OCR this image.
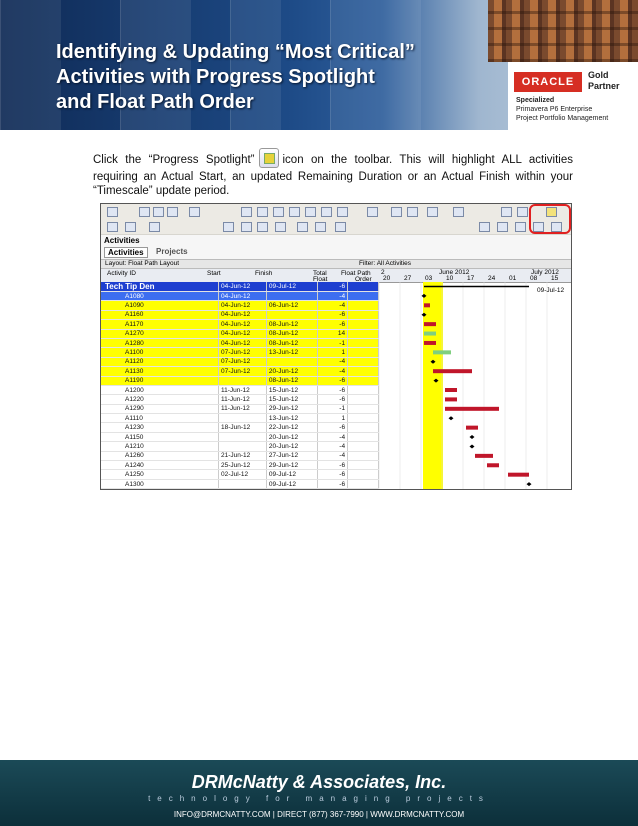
Identifying & Updating “Most Critical”
Activities with Progress Spotlight
and Float Path Order
ORACLE
Gold Partner
Specialized
Primavera P6 Enterprise
Project Portfolio Management
Click the “Progress Spotlight” icon on the toolbar. This will highlight ALL activities requiring an Actual Start, an updated Remaining Duration or an Actual Finish within your “Timescale” update period.
Activities
Activities	Projects
Layout: Float Path Layout	Filter: All Activities
Activity ID	Start	Finish	Total
Float
Float Path
Order
2	June 2012	July 2012
20 27 03 10 17 24 01 08 15
Tech Tip Den	04-Jun-12	09-Jul-12	-6	
A1080	04-Jun-12		-4	
A1090	04-Jun-12	06-Jun-12	-4	
A1160	04-Jun-12		-6	
A1170	04-Jun-12	08-Jun-12	-6	
A1270	04-Jun-12	08-Jun-12	14	
A1280	04-Jun-12	08-Jun-12	-1	
A1100	07-Jun-12	13-Jun-12	1	
A1120	07-Jun-12		-4	
A1130	07-Jun-12	20-Jun-12	-4	
A1190		08-Jun-12	-6	
A1200	11-Jun-12	15-Jun-12	-6	
A1220	11-Jun-12	15-Jun-12	-6	
A1290	11-Jun-12	29-Jun-12	-1	
A1110		13-Jun-12	1	
A1230	18-Jun-12	22-Jun-12	-6	
A1150		20-Jun-12	-4	
A1210		20-Jun-12	-4	
A1260	21-Jun-12	27-Jun-12	-4	
A1240	25-Jun-12	29-Jun-12	-6	
A1250	02-Jul-12	09-Jul-12	-6	
A1300		09-Jul-12	-6	
09-Jul-12
DRMcNatty & Associates, Inc.
technology for managing projects
INFO@DRMCNATTY.COM | DIRECT (877) 367-7990 | WWW.DRMCNATTY.COM
